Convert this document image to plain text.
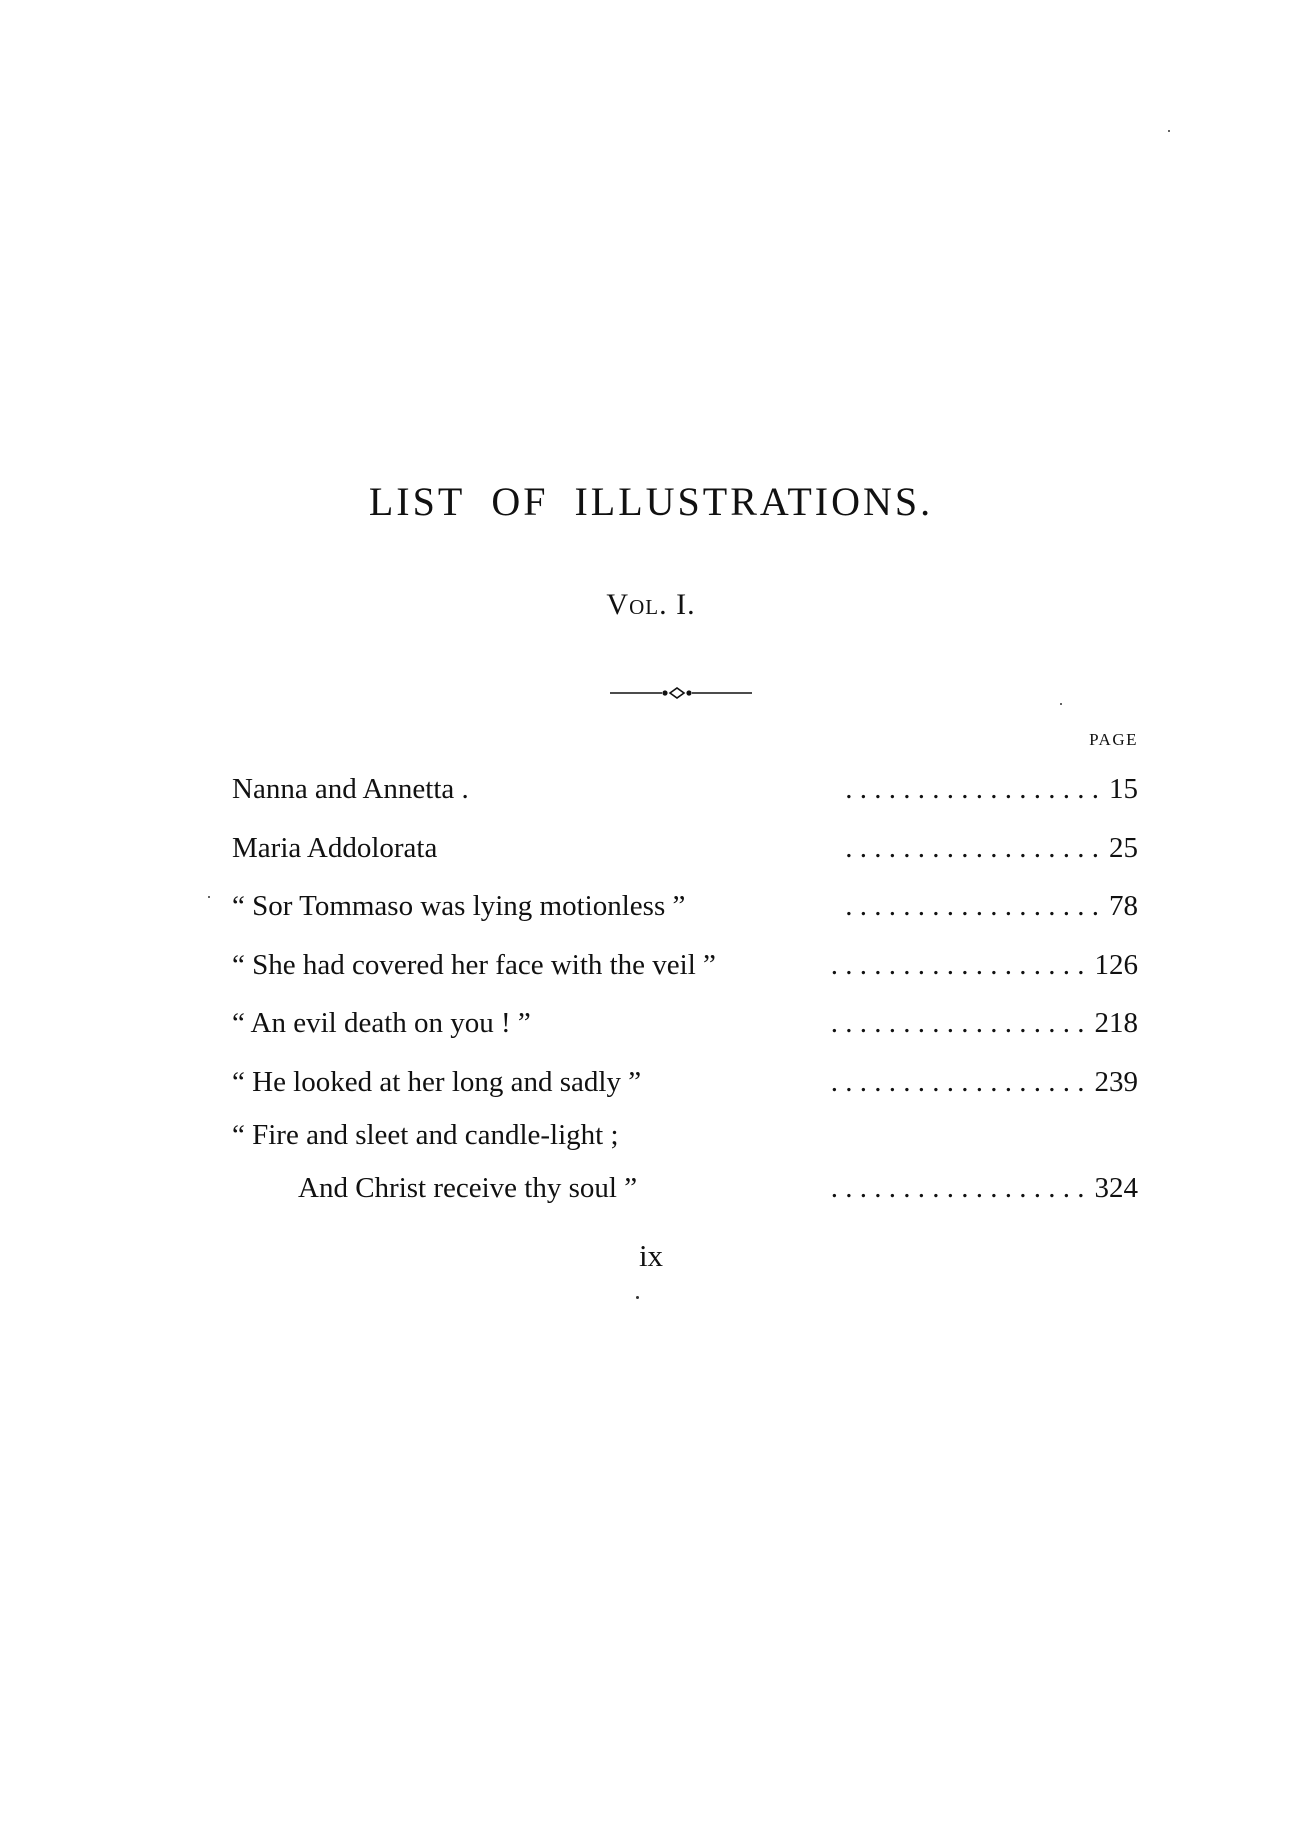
LIST OF ILLUSTRATIONS.
Vol. I.
PAGE
Nanna and Annetta .	. . . . . . . . . . . . . . . . . . 15
Maria Addolorata	. . . . . . . . . . . . . . . . . . 25
“ Sor Tommaso was lying motionless ”	. . . . . . . . . . . . . . . . . . 78
“ She had covered her face with the veil ”	. . . . . . . . . . . . . . . . . . 126
“ An evil death on you ! ”	. . . . . . . . . . . . . . . . . . 218
“ He looked at her long and sadly ”	. . . . . . . . . . . . . . . . . . 239
“ Fire and sleet and candle-light ;
And Christ receive thy soul ”	. . . . . . . . . . . . . . . . . . 324
ix
